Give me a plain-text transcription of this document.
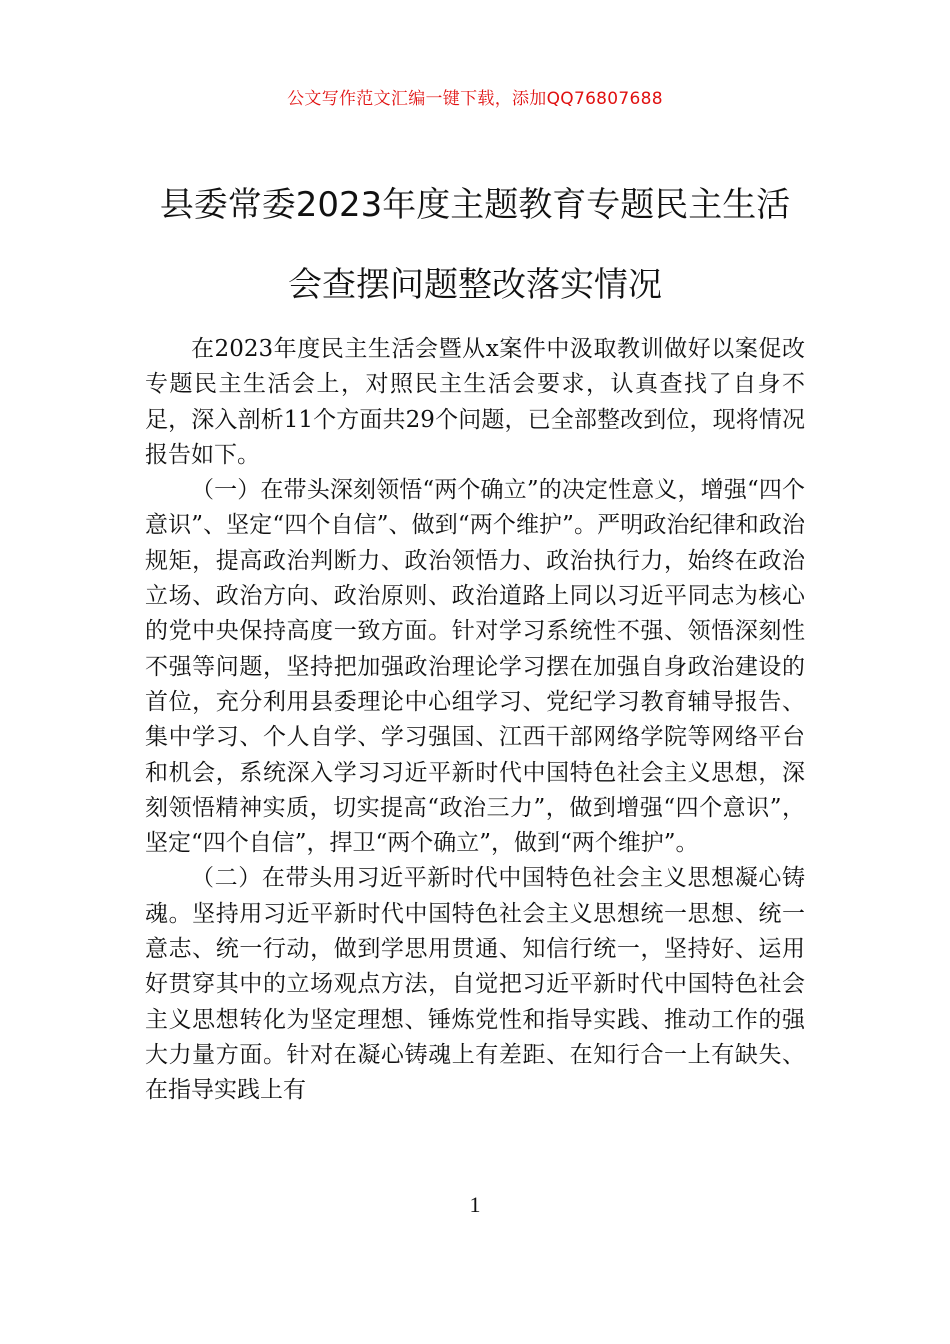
公文写作范文汇编一键下载，添加QQ76807688
县委常委2023年度主题教育专题民主生活
会查摆问题整改落实情况

在2023年度民主生活会暨从x案件中汲取教训做好以案促改专题民主生活会上，对照民主生活会要求，认真查找了自身不足，深入剖析11个方面共29个问题，已全部整改到位，现将情况报告如下。

（一）在带头深刻领悟“两个确立”的决定性意义，增强“四个意识”、坚定“四个自信”、做到“两个维护”。严明政治纪律和政治规矩，提高政治判断力、政治领悟力、政治执行力，始终在政治立场、政治方向、政治原则、政治道路上同以习近平同志为核心的党中央保持高度一致方面。针对学习系统性不强、领悟深刻性不强等问题，坚持把加强政治理论学习摆在加强自身政治建设的首位，充分利用县委理论中心组学习、党纪学习教育辅导报告、集中学习、个人自学、学习强国、江西干部网络学院等网络平台和机会，系统深入学习习近平新时代中国特色社会主义思想，深刻领悟精神实质，切实提高“政治三力”，做到增强“四个意识”，坚定“四个自信”，捍卫“两个确立”，做到“两个维护”。

（二）在带头用习近平新时代中国特色社会主义思想凝心铸魂。坚持用习近平新时代中国特色社会主义思想统一思想、统一意志、统一行动，做到学思用贯通、知信行统一，坚持好、运用好贯穿其中的立场观点方法，自觉把习近平新时代中国特色社会主义思想转化为坚定理想、锤炼党性和指导实践、推动工作的强大力量方面。针对在凝心铸魂上有差距、在知行合一上有缺失、在指导实践上有

1
